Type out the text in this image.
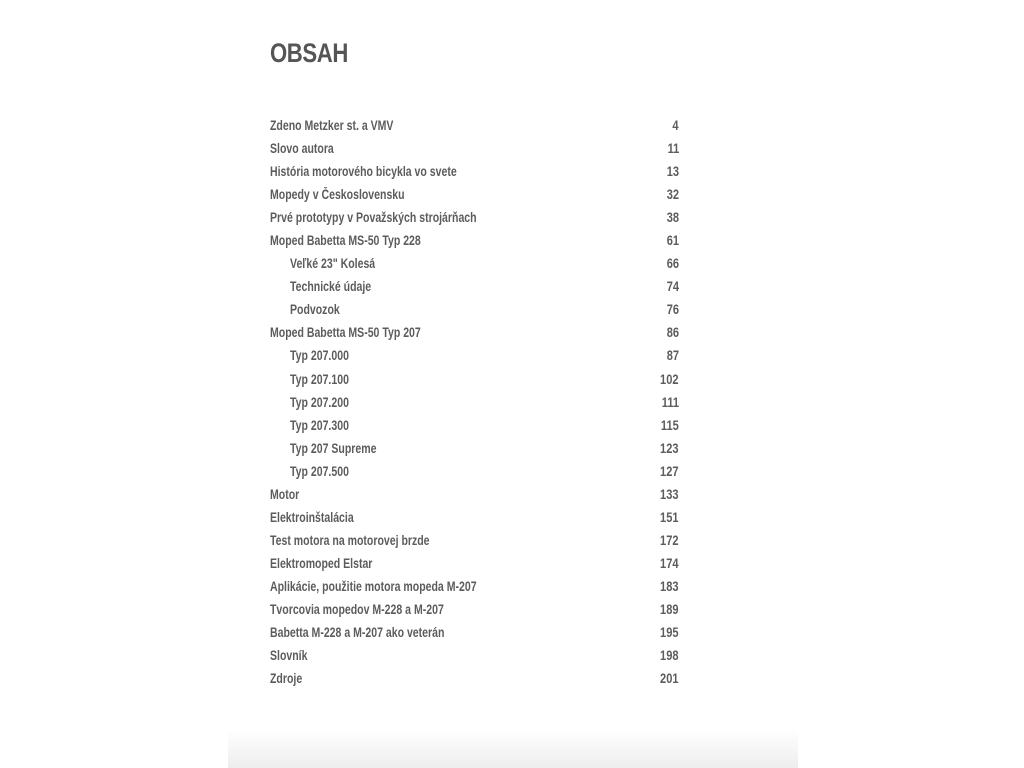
OBSAH
Zdeno Metzker st. a VMV	4
Slovo autora	11
História motorového bicykla vo svete	13
Mopedy v Československu	32
Prvé prototypy v Považských strojárňach	38
Moped Babetta MS-50 Typ 228	61
Veľké 23" Kolesá	66
Technické údaje	74
Podvozok	76
Moped Babetta MS-50 Typ 207	86
Typ 207.000	87
Typ 207.100	102
Typ 207.200	111
Typ 207.300	115
Typ 207 Supreme	123
Typ 207.500	127
Motor	133
Elektroinštalácia	151
Test motora na motorovej brzde	172
Elektromoped Elstar	174
Aplikácie, použitie motora mopeda M-207	183
Tvorcovia mopedov M-228 a M-207	189
Babetta M-228 a M-207 ako veterán	195
Slovník	198
Zdroje	201
